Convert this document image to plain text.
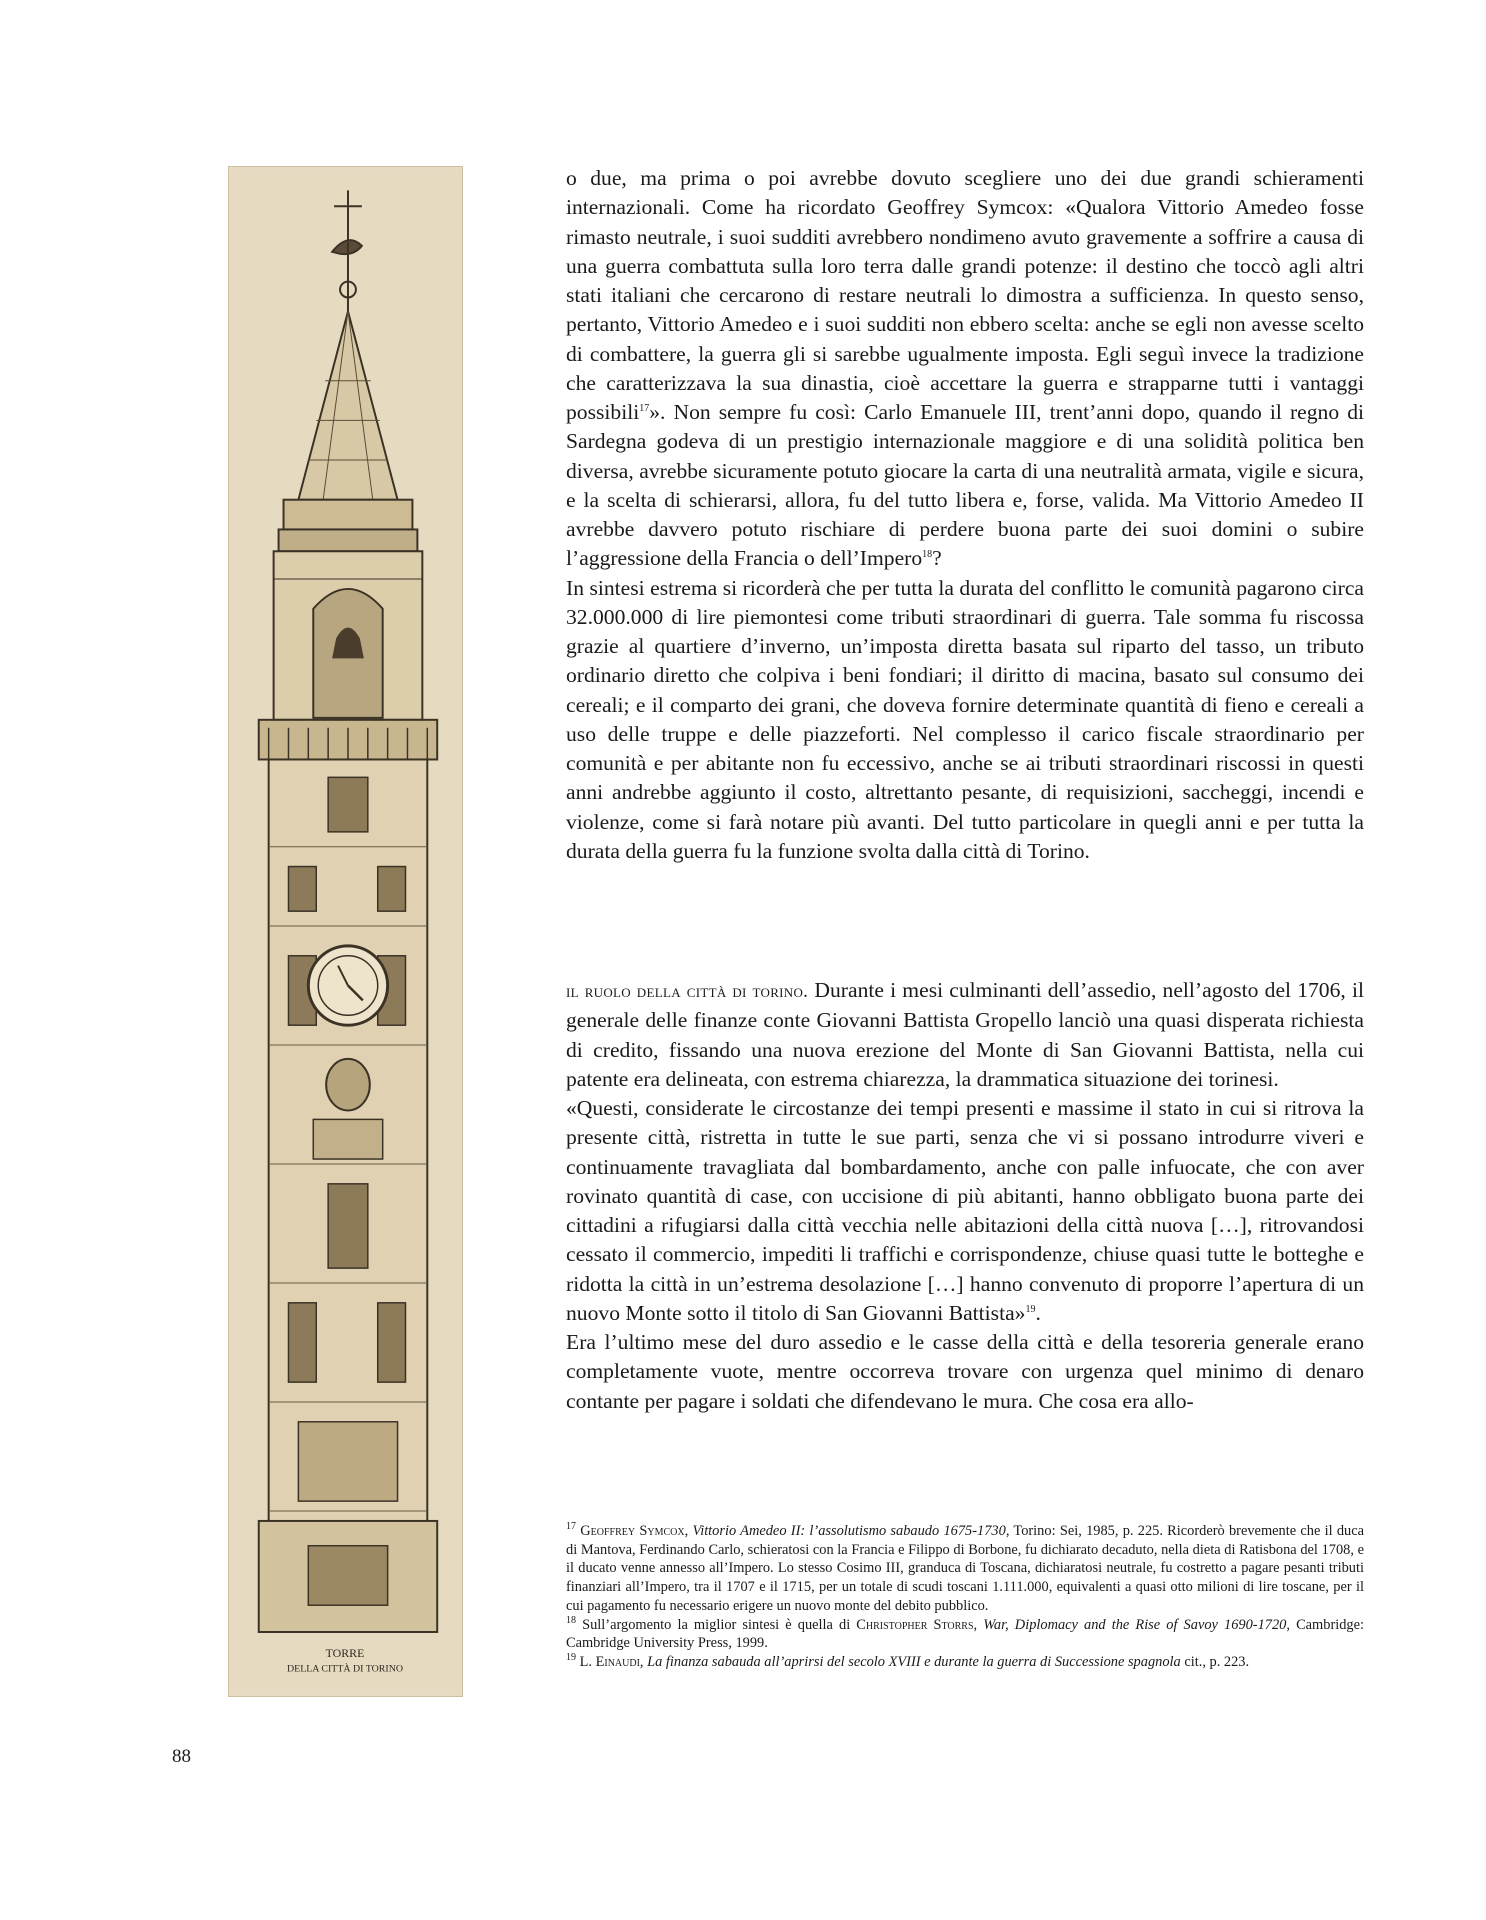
TORRE
DELLA CITTÀ DI TORINO

o due, ma prima o poi avrebbe dovuto scegliere uno dei due grandi schieramenti internazionali. Come ha ricordato Geoffrey Symcox: «Qualora Vittorio Amedeo fosse rimasto neutrale, i suoi sudditi avrebbero nondimeno avuto gravemente a soffrire a causa di una guerra combattuta sulla loro terra dalle grandi potenze: il destino che toccò agli altri stati italiani che cercarono di restare neutrali lo dimostra a sufficienza. In questo senso, pertanto, Vittorio Amedeo e i suoi sudditi non ebbero scelta: anche se egli non avesse scelto di combattere, la guerra gli si sarebbe ugualmente imposta. Egli seguì invece la tradizione che caratterizzava la sua dinastia, cioè accettare la guerra e strapparne tutti i vantaggi possibili$^{17}$». Non sempre fu così: Carlo Emanuele III, trent’anni dopo, quando il regno di Sardegna godeva di un prestigio internazionale maggiore e di una solidità politica ben diversa, avrebbe sicuramente potuto giocare la carta di una neutralità armata, vigile e sicura, e la scelta di schierarsi, allora, fu del tutto libera e, forse, valida. Ma Vittorio Amedeo II avrebbe davvero potuto rischiare di perdere buona parte dei suoi domini o subire l’aggressione della Francia o dell’Impero$^{18}$?

In sintesi estrema si ricorderà che per tutta la durata del conflitto le comunità pagarono circa 32.000.000 di lire piemontesi come tributi straordinari di guerra. Tale somma fu riscossa grazie al quartiere d’inverno, un’imposta diretta basata sul riparto del tasso, un tributo ordinario diretto che colpiva i beni fondiari; il diritto di macina, basato sul consumo dei cereali; e il comparto dei grani, che doveva fornire determinate quantità di fieno e cereali a uso delle truppe e delle piazzeforti. Nel complesso il carico fiscale straordinario per comunità e per abitante non fu eccessivo, anche se ai tributi straordinari riscossi in questi anni andrebbe aggiunto il costo, altrettanto pesante, di requisizioni, saccheggi, incendi e violenze, come si farà notare più avanti. Del tutto particolare in quegli anni e per tutta la durata della guerra fu la funzione svolta dalla città di Torino.

il ruolo della città di torino. Durante i mesi culminanti dell’assedio, nell’agosto del 1706, il generale delle finanze conte Giovanni Battista Gropello lanciò una quasi disperata richiesta di credito, fissando una nuova erezione del Monte di San Giovanni Battista, nella cui patente era delineata, con estrema chiarezza, la drammatica situazione dei torinesi.

«Questi, considerate le circostanze dei tempi presenti e massime il stato in cui si ritrova la presente città, ristretta in tutte le sue parti, senza che vi si possano introdurre viveri e continuamente travagliata dal bombardamento, anche con palle infuocate, che con aver rovinato quantità di case, con uccisione di più abitanti, hanno obbligato buona parte dei cittadini a rifugiarsi dalla città vecchia nelle abitazioni della città nuova […], ritrovandosi cessato il commercio, impediti li traffichi e corrispondenze, chiuse quasi tutte le botteghe e ridotta la città in un’estrema desolazione […] hanno convenuto di proporre l’apertura di un nuovo Monte sotto il titolo di San Giovanni Battista»$^{19}$.

Era l’ultimo mese del duro assedio e le casse della città e della tesoreria generale erano completamente vuote, mentre occorreva trovare con urgenza quel minimo di denaro contante per pagare i soldati che difendevano le mura. Che cosa era allo-

$^{17}$ Geoffrey Symcox, Vittorio Amedeo II: l’assolutismo sabaudo 1675-1730, Torino: Sei, 1985, p. 225. Ricorderò brevemente che il duca di Mantova, Ferdinando Carlo, schieratosi con la Francia e Filippo di Borbone, fu dichiarato decaduto, nella dieta di Ratisbona del 1708, e il ducato venne annesso all’Impero. Lo stesso Cosimo III, granduca di Toscana, dichiaratosi neutrale, fu costretto a pagare pesanti tributi finanziari all’Impero, tra il 1707 e il 1715, per un totale di scudi toscani 1.111.000, equivalenti a quasi otto milioni di lire toscane, per il cui pagamento fu necessario erigere un nuovo monte del debito pubblico.

$^{18}$ Sull’argomento la miglior sintesi è quella di Christopher Storrs, War, Diplomacy and the Rise of Savoy 1690-1720, Cambridge: Cambridge University Press, 1999.

$^{19}$ L. Einaudi, La finanza sabauda all’aprirsi del secolo XVIII e durante la guerra di Successione spagnola cit., p. 223.

88
